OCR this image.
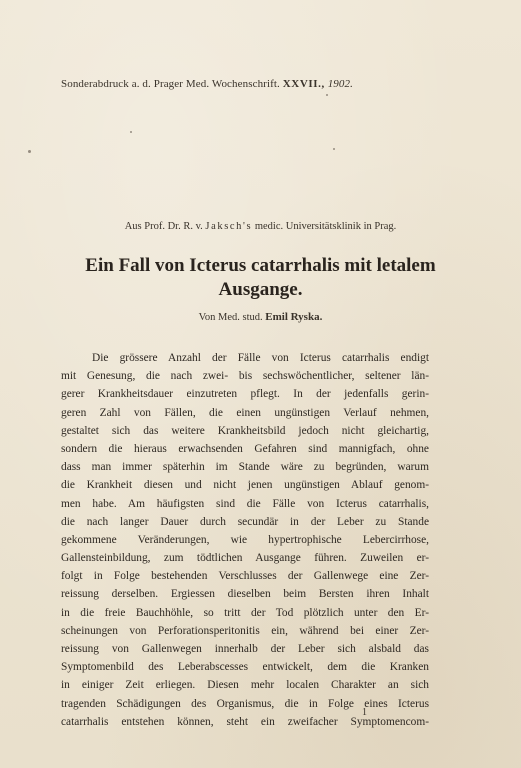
Sonderabdruck a. d. Prager Med. Wochenschrift. XXVII., 1902.
Aus Prof. Dr. R. v. Jaksch's medic. Universitätsklinik in Prag.
Ein Fall von Icterus catarrhalis mit letalem
Ausgange.
Von Med. stud. Emil Ryska.
Die grössere Anzahl der Fälle von Icterus catarrhalis endigt
mit Genesung, die nach zwei- bis sechswöchentlicher, seltener län-
gerer Krankheitsdauer einzutreten pflegt. In der jedenfalls gerin-
geren Zahl von Fällen, die einen ungünstigen Verlauf nehmen,
gestaltet sich das weitere Krankheitsbild jedoch nicht gleichartig,
sondern die hieraus erwachsenden Gefahren sind mannigfach, ohne
dass man immer späterhin im Stande wäre zu begründen, warum
die Krankheit diesen und nicht jenen ungünstigen Ablauf genom-
men habe. Am häufigsten sind die Fälle von Icterus catarrhalis,
die nach langer Dauer durch secundär in der Leber zu Stande
gekommene Veränderungen, wie hypertrophische Lebercirrhose,
Gallensteinbildung, zum tödtlichen Ausgange führen. Zuweilen er-
folgt in Folge bestehenden Verschlusses der Gallenwege eine Zer-
reissung derselben. Ergiessen dieselben beim Bersten ihren Inhalt
in die freie Bauchhöhle, so tritt der Tod plötzlich unter den Er-
scheinungen von Perforationsperitonitis ein, während bei einer Zer-
reissung von Gallenwegen innerhalb der Leber sich alsbald das
Symptomenbild des Leberabscesses entwickelt, dem die Kranken
in einiger Zeit erliegen. Diesen mehr localen Charakter an sich
tragenden Schädigungen des Organismus, die in Folge eines Icterus
catarrhalis entstehen können, steht ein zweifacher Symptomencom-
1
